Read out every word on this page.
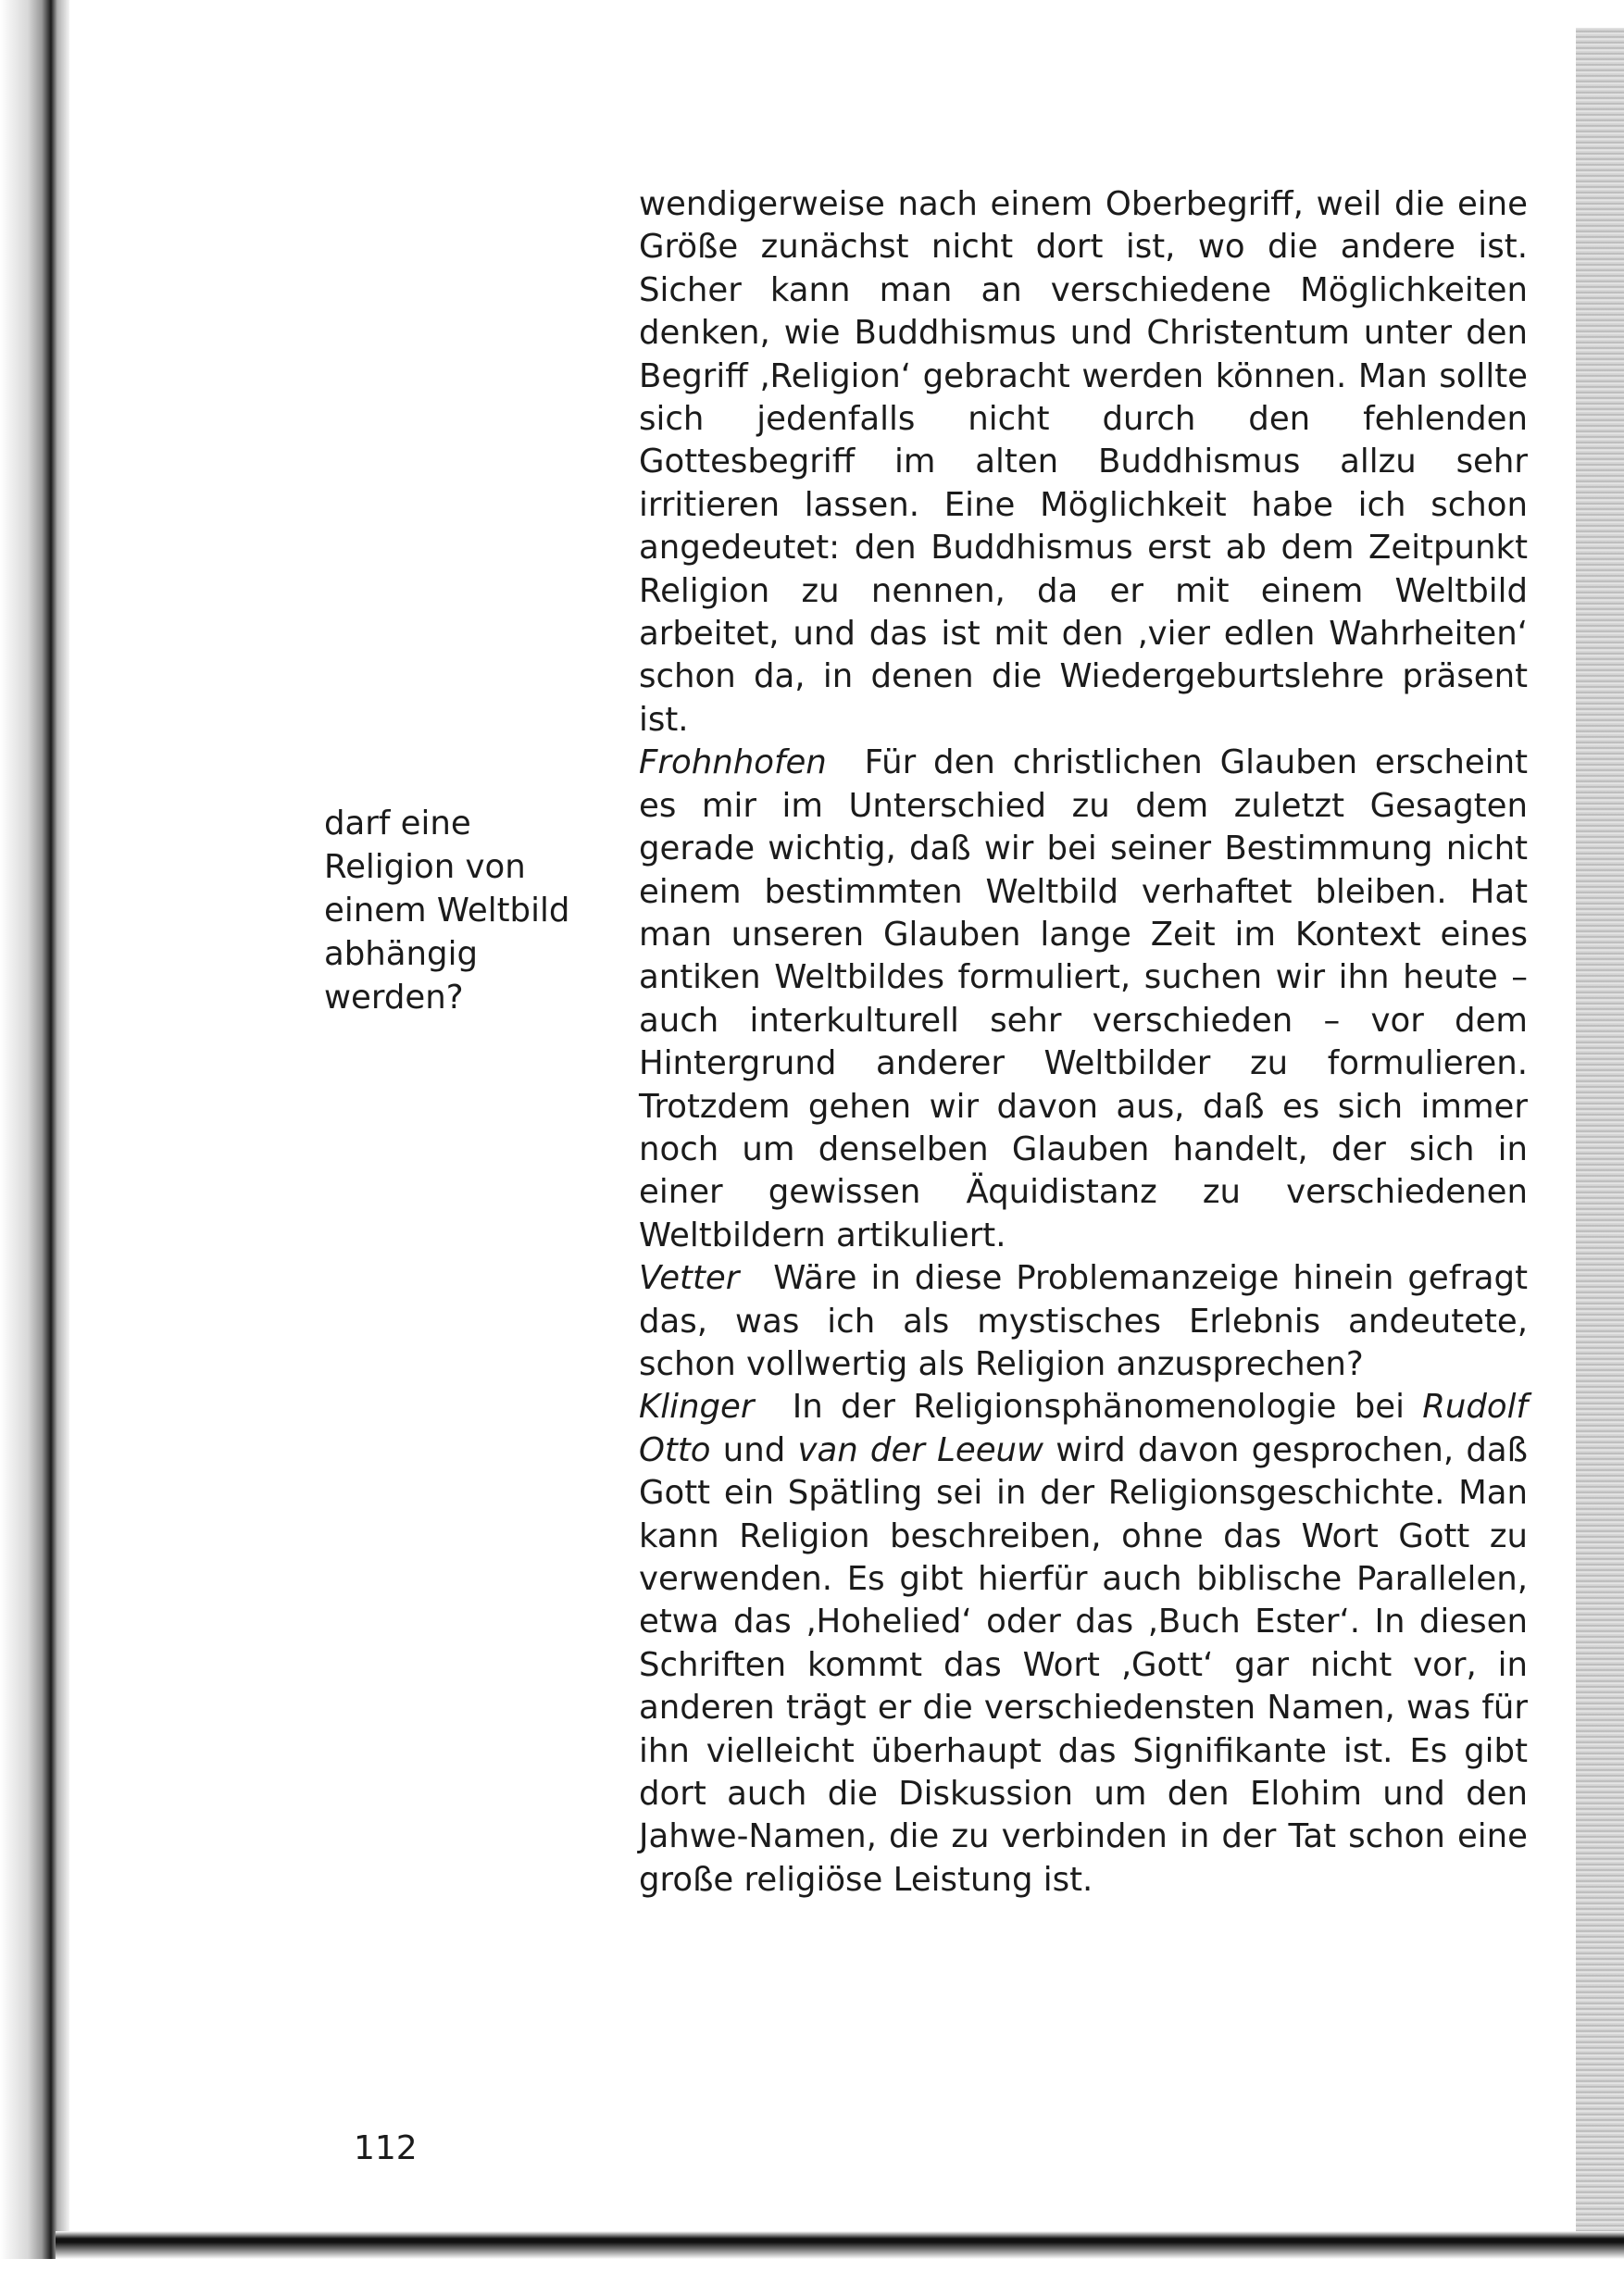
wendigerweise nach einem Oberbegriff, weil die eine Größe zunächst nicht dort ist, wo die andere ist. Sicher kann man an verschiedene Möglichkeiten denken, wie Buddhismus und Christentum unter den Begriff ‚Religion‘ gebracht werden können. Man sollte sich jedenfalls nicht durch den fehlenden Gottesbegriff im alten Buddhismus allzu sehr irritieren lassen. Eine Möglichkeit habe ich schon angedeutet: den Buddhismus erst ab dem Zeitpunkt Religion zu nennen, da er mit einem Weltbild arbeitet, und das ist mit den ‚vier edlen Wahrheiten‘ schon da, in denen die Wiedergeburtslehre präsent ist.

Frohnhofen Für den christlichen Glauben erscheint es mir im Unterschied zu dem zuletzt Gesagten gerade wichtig, daß wir bei seiner Bestimmung nicht einem bestimmten Weltbild verhaftet bleiben. Hat man unseren Glauben lange Zeit im Kontext eines antiken Weltbildes formuliert, suchen wir ihn heute – auch interkulturell sehr verschieden – vor dem Hintergrund anderer Weltbilder zu formulieren. Trotzdem gehen wir davon aus, daß es sich immer noch um denselben Glauben handelt, der sich in einer gewissen Äquidistanz zu verschiedenen Weltbildern artikuliert.

Vetter Wäre in diese Problemanzeige hinein gefragt das, was ich als mystisches Erlebnis andeutete, schon vollwertig als Religion anzusprechen?

Klinger In der Religionsphänomenologie bei Rudolf Otto und van der Leeuw wird davon gesprochen, daß Gott ein Spätling sei in der Religionsgeschichte. Man kann Religion beschreiben, ohne das Wort Gott zu verwenden. Es gibt hierfür auch biblische Parallelen, etwa das ‚Hohelied‘ oder das ‚Buch Ester‘. In diesen Schriften kommt das Wort ‚Gott‘ gar nicht vor, in anderen trägt er die verschiedensten Namen, was für ihn vielleicht überhaupt das Signifikante ist. Es gibt dort auch die Diskussion um den Elohim und den Jahwe-Namen, die zu verbinden in der Tat schon eine große religiöse Leistung ist.

darf eine Religion von einem Weltbild abhängig werden?
112
